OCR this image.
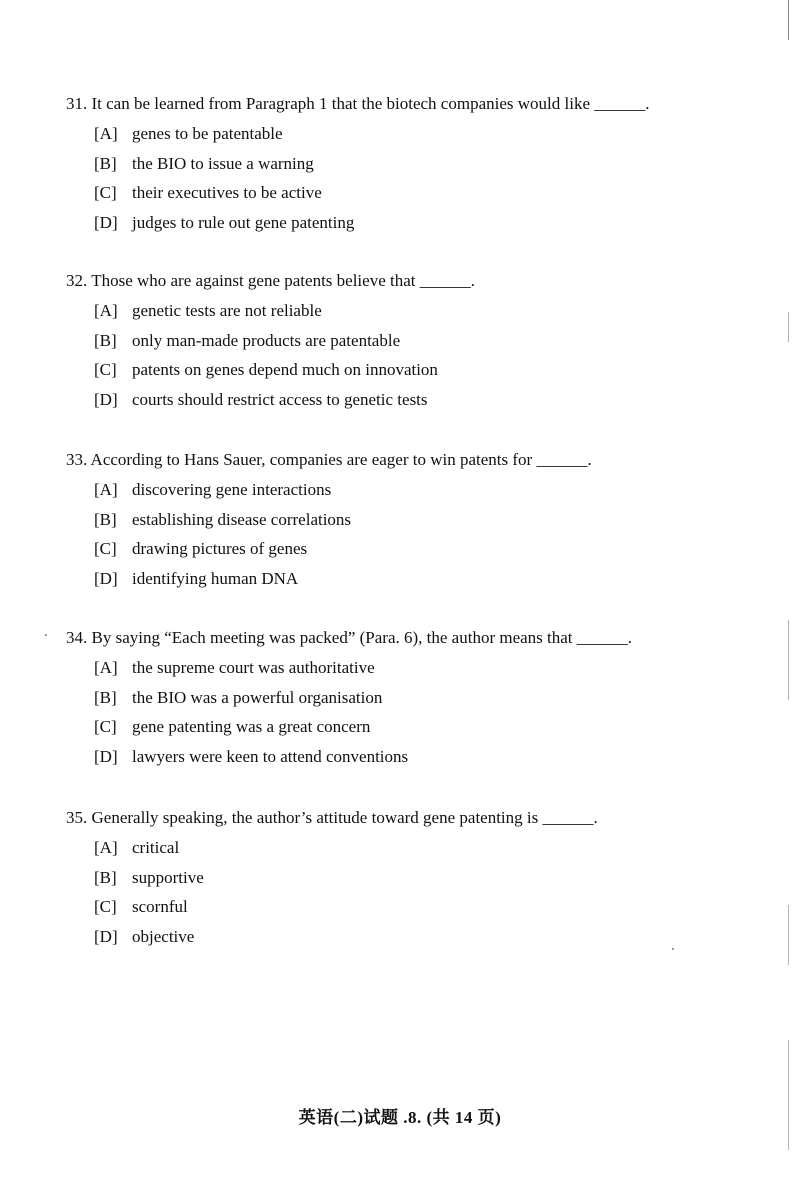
31. It can be learned from Paragraph 1 that the biotech companies would like ______.
[A] genes to be patentable
[B] the BIO to issue a warning
[C] their executives to be active
[D] judges to rule out gene patenting
32. Those who are against gene patents believe that ______.
[A] genetic tests are not reliable
[B] only man-made products are patentable
[C] patents on genes depend much on innovation
[D] courts should restrict access to genetic tests
33. According to Hans Sauer, companies are eager to win patents for ______.
[A] discovering gene interactions
[B] establishing disease correlations
[C] drawing pictures of genes
[D] identifying human DNA
34. By saying “Each meeting was packed” (Para. 6), the author means that ______.
[A] the supreme court was authoritative
[B] the BIO was a powerful organisation
[C] gene patenting was a great concern
[D] lawyers were keen to attend conventions
35. Generally speaking, the author’s attitude toward gene patenting is ______.
[A] critical
[B] supportive
[C] scornful
[D] objective
英语(二)试题 .8. (共 14 页)
